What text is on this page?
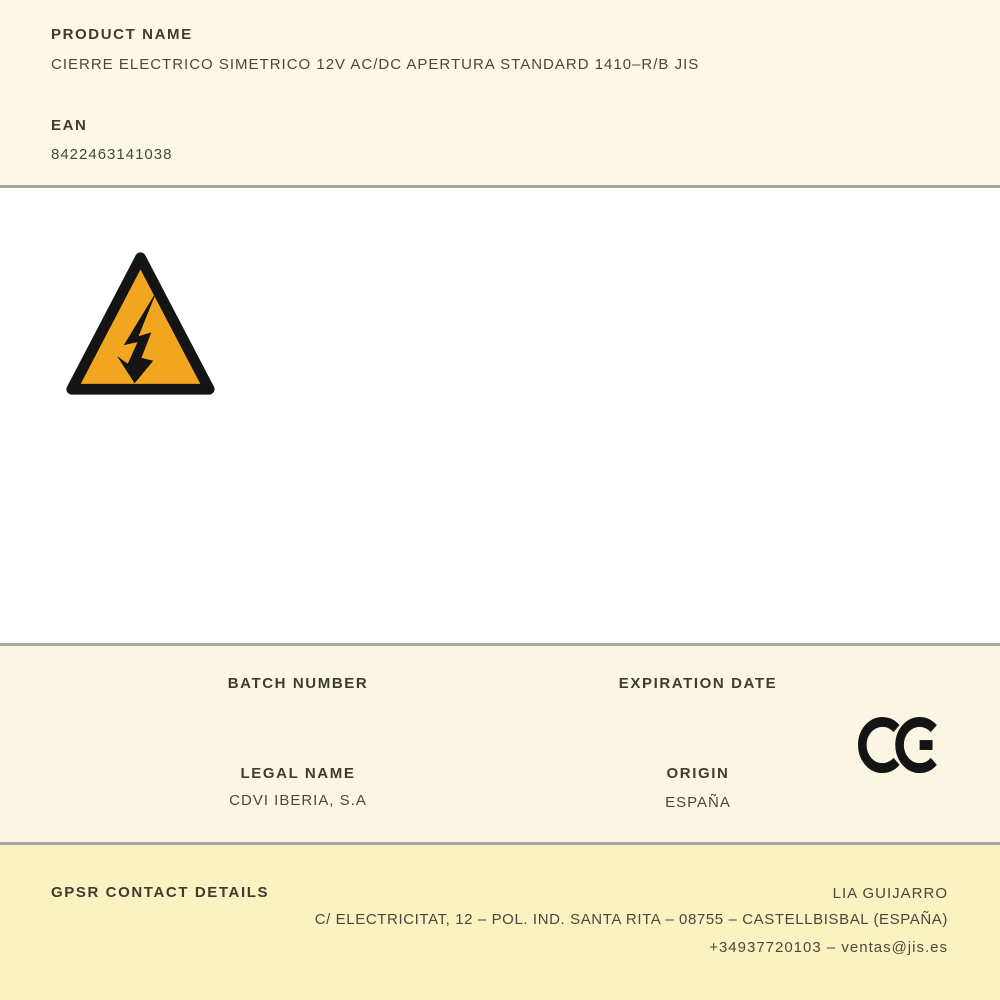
PRODUCT NAME
CIERRE ELECTRICO SIMETRICO 12V AC/DC APERTURA STANDARD 1410–R/B JIS
EAN
8422463141038
BATCH NUMBER	EXPIRATION DATE
LEGAL NAME
CDVI IBERIA, S.A
ORIGIN
ESPAÑA
GPSR CONTACT DETAILS	LIA GUIJARRO
C/ ELECTRICITAT, 12 – POL. IND. SANTA RITA – 08755 – CASTELLBISBAL (ESPAÑA)
+34937720103 – ventas@jis.es
